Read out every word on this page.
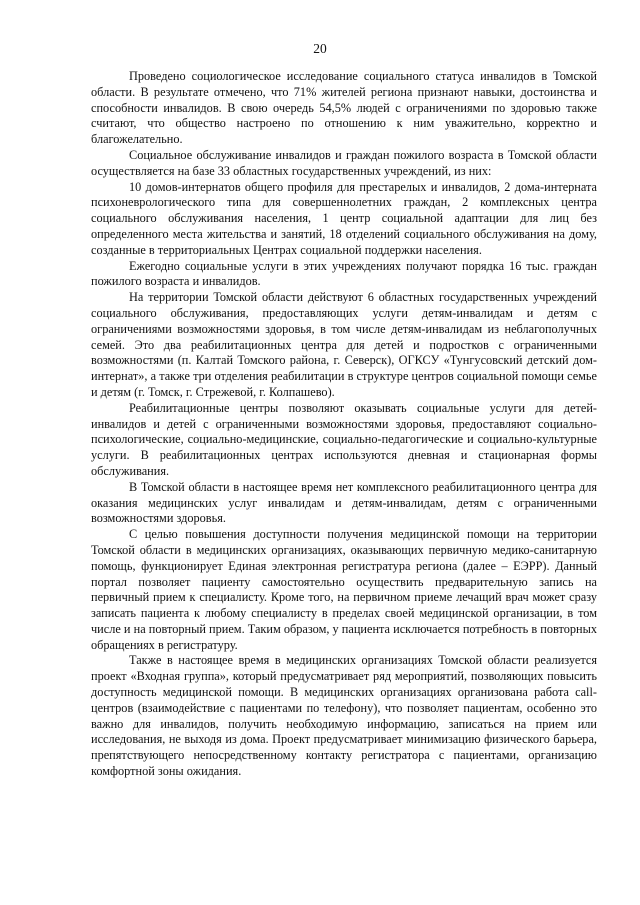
20

Проведено социологическое исследование социального статуса инвалидов в Томской области. В результате отмечено, что 71% жителей региона признают навыки, достоинства и способности инвалидов. В свою очередь 54,5% людей с ограничениями по здоровью также считают, что общество настроено по отношению к ним уважительно, корректно и благожелательно.

Социальное обслуживание инвалидов и граждан пожилого возраста в Томской области осуществляется на базе 33 областных государственных учреждений, из них:

10 домов-интернатов общего профиля для престарелых и инвалидов, 2 дома-интерната психоневрологического типа для совершеннолетних граждан, 2 комплексных центра социального обслуживания населения, 1 центр социальной адаптации для лиц без определенного места жительства и занятий, 18 отделений социального обслуживания на дому, созданные в территориальных Центрах социальной поддержки населения.

Ежегодно социальные услуги в этих учреждениях получают порядка 16 тыс. граждан пожилого возраста и инвалидов.

На территории Томской области действуют 6 областных государственных учреждений социального обслуживания, предоставляющих услуги детям-инвалидам и детям с ограничениями возможностями здоровья, в том числе детям-инвалидам из неблагополучных семей. Это два реабилитационных центра для детей и подростков с ограниченными возможностями (п. Калтай Томского района, г. Северск), ОГКСУ «Тунгусовский детский дом-интернат», а также три отделения реабилитации в структуре центров социальной помощи семье и детям (г. Томск, г. Стрежевой, г. Колпашево).

Реабилитационные центры позволяют оказывать социальные услуги для детей-инвалидов и детей с ограниченными возможностями здоровья, предоставляют социально-психологические, социально-медицинские, социально-педагогические и социально-культурные услуги. В реабилитационных центрах используются дневная и стационарная формы обслуживания.

В Томской области в настоящее время нет комплексного реабилитационного центра для оказания медицинских услуг инвалидам и детям-инвалидам, детям с ограниченными возможностями здоровья.

С целью повышения доступности получения медицинской помощи на территории Томской области в медицинских организациях, оказывающих первичную медико-санитарную помощь, функционирует Единая электронная регистратура региона (далее – ЕЭРР). Данный портал позволяет пациенту самостоятельно осуществить предварительную запись на первичный прием к специалисту. Кроме того, на первичном приеме лечащий врач может сразу записать пациента к любому специалисту в пределах своей медицинской организации, в том числе и на повторный прием. Таким образом, у пациента исключается потребность в повторных обращениях в регистратуру.

Также в настоящее время в медицинских организациях Томской области реализуется проект «Входная группа», который предусматривает ряд мероприятий, позволяющих повысить доступность медицинской помощи. В медицинских организациях организована работа call-центров (взаимодействие с пациентами по телефону), что позволяет пациентам, особенно это важно для инвалидов, получить необходимую информацию, записаться на прием или исследования, не выходя из дома. Проект предусматривает минимизацию физического барьера, препятствующего непосредственному контакту регистратора с пациентами, организацию комфортной зоны ожидания.
